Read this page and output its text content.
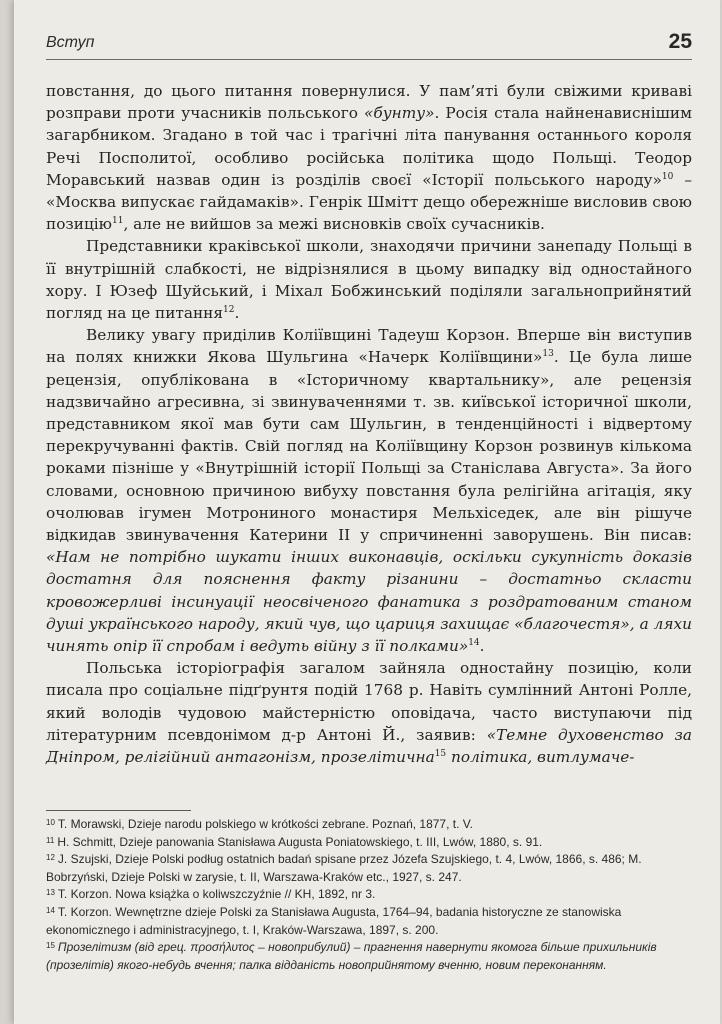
Вступ	25

повстання, до цього питання повернулися. У пам’яті були свіжими криваві розправи проти учасників польського «бунту». Росія стала найненависнішим загарбником. Згадано в той час і трагічні літа панування останнього короля Речі Посполитої, особливо російська політика щодо Польщі. Теодор Моравський назвав один із розділів своєї «Історії польського народу»$^{10}$ – «Москва випускає гайдамаків». Генрік Шмітт дещо обережніше висловив свою позицію$^{11}$, але не вийшов за межі висновків своїх сучасників.

Представники краківської школи, знаходячи причини занепаду Польщі в її внутрішній слабкості, не відрізнялися в цьому випадку від одностайного хору. І Юзеф Шуйський, і Міхал Бобжинський поділяли загальноприйнятий погляд на це питання$^{12}$.

Велику увагу приділив Коліївщині Тадеуш Корзон. Вперше він виступив на полях книжки Якова Шульгина «Начерк Коліївщини»$^{13}$. Це була лише рецензія, опублікована в «Історичному квартальнику», але рецензія надзвичайно агресивна, зі звинуваченнями т. зв. київської історичної школи, представником якої мав бути сам Шульгин, в тенденційності і відвертому перекручуванні фактів. Свій погляд на Коліївщину Корзон розвинув кількома роками пізніше у «Внутрішній історії Польщі за Станіслава Августа». За його словами, основною причиною вибуху повстання була релігійна агітація, яку очолював ігумен Мотрониного монастиря Мельхіседек, але він рішуче відкидав звинувачення Катерини ІІ у спричиненні заворушень. Він писав: «Нам не потрібно шукати інших виконавців, оскільки сукупність доказів достатня для пояснення факту різанини – достатньо скласти кровожерливі інсинуації неосвіченого фанатика з роздратованим станом душі українського народу, який чув, що цариця захищає «благочестя», а ляхи чинять опір її спробам і ведуть війну з її полками»$^{14}$.

Польська історіографія загалом зайняла одностайну позицію, коли писала про соціальне підґрунтя подій 1768 р. Навіть сумлінний Антоні Ролле, який володів чудовою майстерністю оповідача, часто виступаючи під літературним псевдонімом д-р Антоні Й., заявив: «Темне духовенство за Дніпром, релігійний антагонізм, прозелітична$^{15}$ політика, витлумаче-

$^{10}$ T. Morawski, Dzieje narodu polskiego w krótkości zebrane. Poznań, 1877, t. V.

$^{11}$ H. Schmitt, Dzieje panowania Stanisława Augusta Poniatowskiego, t. III, Lwów, 1880, s. 91.

$^{12}$ J. Szujski, Dzieje Polski podług ostatnich badań spisane przez Józefa Szujskiego, t. 4, Lwów, 1866, s. 486; M. Bobrzyński, Dzieje Polski w zarysie, t. II, Warszawa-Kraków etc., 1927, s. 247.

$^{13}$ T. Korzon. Nowa książka o koliwszczyźnie // KH, 1892, nr 3.

$^{14}$ T. Korzon. Wewnętrzne dzieje Polski za Stanisława Augusta, 1764–94, badania historyczne ze stanowiska ekonomicznego i administracyjnego, t. I, Kraków-Warszawa, 1897, s. 200.

$^{15}$ Прозелітизм (від грец. προσήλυτος – новоприбулий) – прагнення навернути якомога більше прихильників (прозелітів) якого-небудь вчення; палка відданість новоприйнятому вченню, новим переконанням.
